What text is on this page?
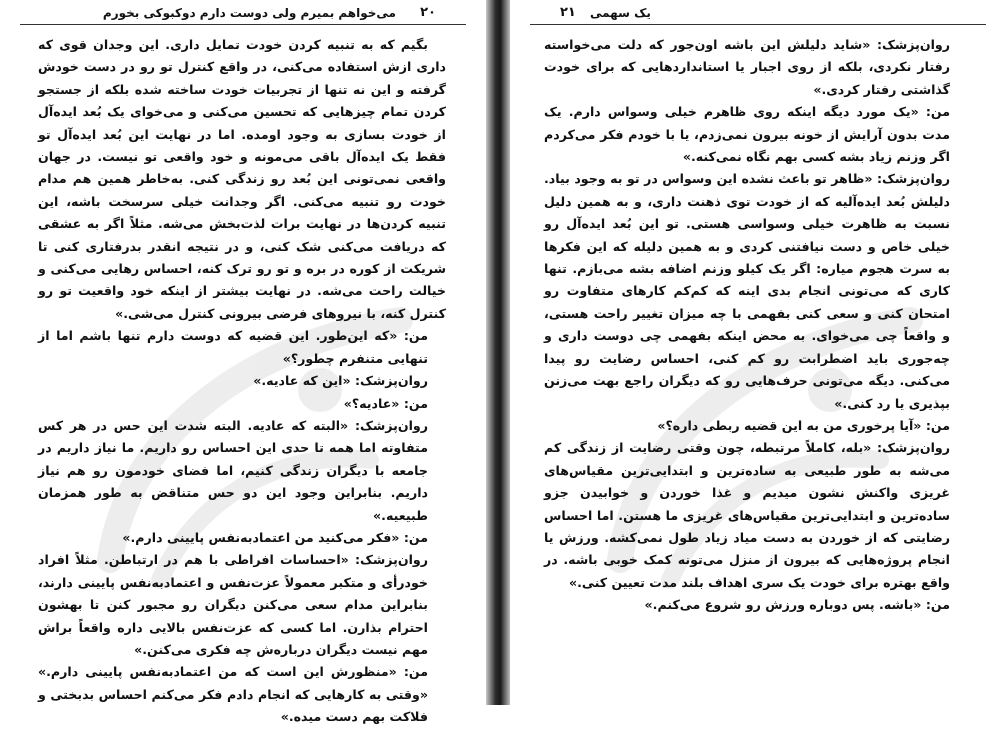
۲۰
می‌خواهم بمیرم ولی دوست دارم دوکبوکی بخورم

بگیم که به تنبیه کردن خودت تمایل داری. این وجدان قوی که داری ازش استفاده می‌کنی، در واقع کنترل تو رو در دست خودش گرفته و این نه تنها از تجربیات خودت ساخته شده بلکه از جستجو کردن تمام چیزهایی که تحسین می‌کنی و می‌خوای یک بُعد ایده‌آل از خودت بسازی به وجود اومده. اما در نهایت این بُعد ایده‌آل تو فقط یک ایده‌آل باقی می‌مونه و خود واقعی تو نیست. در جهان واقعی نمی‌تونی این بُعد رو زندگی کنی. به‌خاطر همین هم مدام خودت رو تنبیه می‌کنی. اگر وجدانت خیلی سرسخت باشه، این تنبیه کردن‌ها در نهایت برات لذت‌بخش می‌شه. مثلاً اگر به عشقی که دریافت می‌کنی شک کنی، و در نتیجه انقدر بدرفتاری کنی تا شریکت از کوره در بره و تو رو ترک کنه، احساس رهایی می‌کنی و خیالت راحت می‌شه. در نهایت بیشتر از اینکه خود واقعیت تو رو کنترل کنه، با نیروهای فرضی بیرونی کنترل می‌شی.»

من: «که این‌طور. این قضیه که دوست دارم تنها باشم اما از تنهایی متنفرم چطور؟»

روان‌پزشک: «این که عادیه.»

من: «عادیه؟»

روان‌پزشک: «البته که عادیه. البته شدت این حس در هر کس متفاوته اما همه تا حدی این احساس رو داریم. ما نیاز داریم در جامعه با دیگران زندگی کنیم، اما فضای خودمون رو هم نیاز داریم. بنابراین وجود این دو حس متناقض به طور همزمان طبیعیه.»

من: «فکر می‌کنید من اعتمادبه‌نفس پایینی دارم.»

روان‌پزشک: «احساسات افراطی با هم در ارتباطن. مثلاً افراد خودرأی و متکبر معمولاً عزت‌نفس و اعتمادبه‌نفس پایینی دارند، بنابراین مدام سعی می‌کنن دیگران رو مجبور کنن تا بهشون احترام بذارن. اما کسی که عزت‌نفس بالایی داره واقعاً براش مهم نیست دیگران درباره‌ش چه فکری می‌کنن.»

من: «منظورش این است که من اعتمادبه‌نفس پایینی دارم.» «وقتی به کارهایی که انجام دادم فکر می‌کنم احساس بدبختی و فلاکت بهم دست میده.»

۲۱ یک سهمی

روان‌پزشک: «شاید دلیلش این باشه اون‌جور که دلت می‌خواسته رفتار نکردی، بلکه از روی اجبار یا استانداردهایی که برای خودت گذاشتی رفتار کردی.»

من: «یک مورد دیگه اینکه روی ظاهرم خیلی وسواس دارم. یک مدت بدون آرایش از خونه بیرون نمی‌زدم، یا با خودم فکر می‌کردم اگر وزنم زیاد بشه کسی بهم نگاه نمی‌کنه.»

روان‌پزشک: «ظاهر تو باعث نشده این وسواس در تو به وجود بیاد. دلیلش بُعد ایده‌آلیه که از خودت توی ذهنت داری، و به همین دلیل نسبت به ظاهرت خیلی وسواسی هستی. تو این بُعد ایده‌آل رو خیلی خاص و دست نیافتنی کردی و به همین دلیله که این فکرها به سرت هجوم میاره: اگر یک کیلو وزنم اضافه بشه می‌بازم. تنها کاری که می‌تونی انجام بدی اینه که کم‌کم کارهای متفاوت رو امتحان کنی و سعی کنی بفهمی با چه میزان تغییر راحت هستی، و واقعاً چی می‌خوای. به محض اینکه بفهمی چی دوست داری و چه‌جوری باید اضطرابت رو کم کنی، احساس رضایت رو پیدا می‌کنی. دیگه می‌تونی حرف‌هایی رو که دیگران راجع بهت می‌زنن بپذیری یا رد کنی.»

من: «آیا پرخوری من به این قضیه ربطی داره؟»

روان‌پزشک: «بله، کاملاً مرتبطه، چون وقتی رضایت از زندگی کم می‌شه به طور طبیعی به ساده‌ترین و ابتدایی‌ترین مقیاس‌های غریزی واکنش نشون میدیم و غذا خوردن و خوابیدن جزو ساده‌ترین و ابتدایی‌ترین مقیاس‌های غریزی ما هستن. اما احساس رضایتی که از خوردن به دست میاد زیاد طول نمی‌کشه. ورزش یا انجام پروژه‌هایی که بیرون از منزل می‌تونه کمک خوبی باشه. در واقع بهتره برای خودت یک سری اهداف بلند مدت تعیین کنی.»

من: «باشه. پس دوباره ورزش رو شروع می‌کنم.»
